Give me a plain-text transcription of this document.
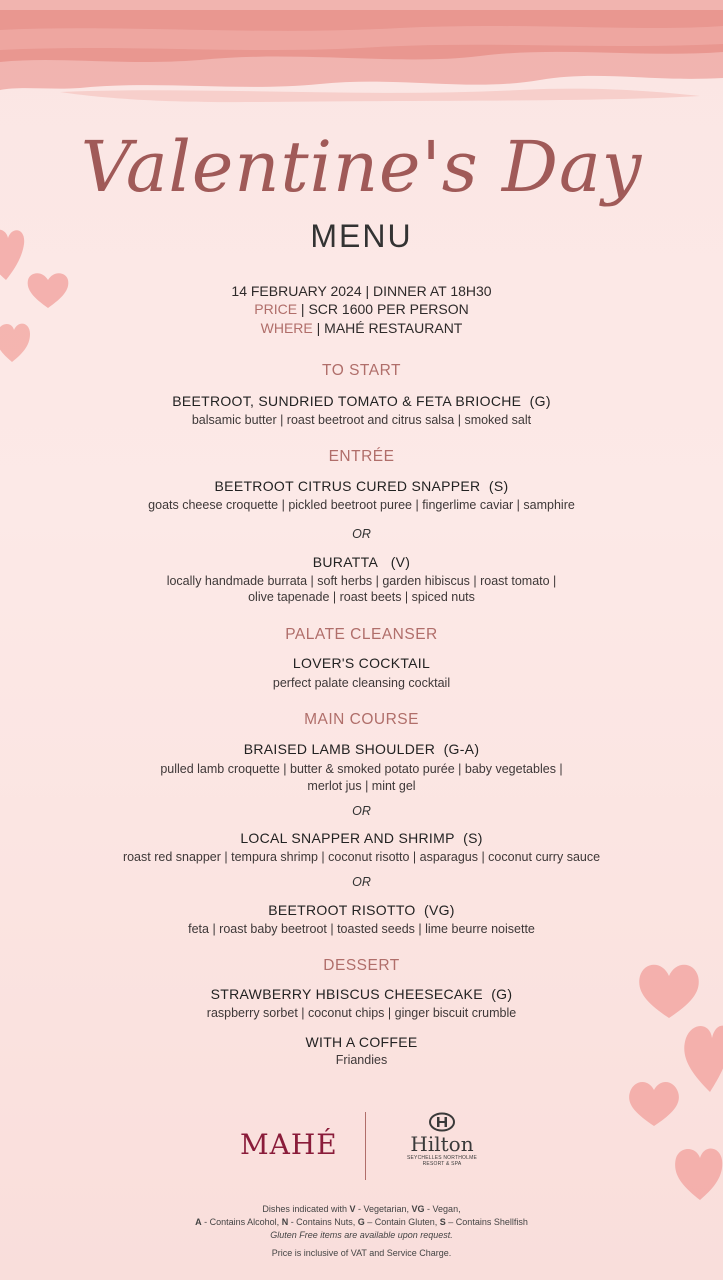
Valentine's Day
MENU
14 FEBRUARY 2024 | DINNER AT 18H30
PRICE | SCR 1600 PER PERSON
WHERE | MAHÉ RESTAURANT
TO START
BEETROOT, SUNDRIED TOMATO & FETA BRIOCHE (G)
balsamic butter | roast beetroot and citrus salsa | smoked salt
ENTRÉE
BEETROOT CITRUS CURED SNAPPER (S)
goats cheese croquette | pickled beetroot puree | fingerlime caviar | samphire
OR
BURATTA (V)
locally handmade burrata | soft herbs | garden hibiscus | roast tomato |
olive tapenade | roast beets | spiced nuts
PALATE CLEANSER
LOVER'S COCKTAIL
perfect palate cleansing cocktail
MAIN COURSE
BRAISED LAMB SHOULDER (G-A)
pulled lamb croquette | butter & smoked potato purée | baby vegetables |
merlot jus | mint gel
OR
LOCAL SNAPPER AND SHRIMP (S)
roast red snapper | tempura shrimp | coconut risotto | asparagus | coconut curry sauce
OR
BEETROOT RISOTTO (VG)
feta | roast baby beetroot | toasted seeds | lime beurre noisette
DESSERT
STRAWBERRY HBISCUS CHEESECAKE (G)
raspberry sorbet | coconut chips | ginger biscuit crumble
WITH A COFFEE
Friandies
MAHÉ	Hilton
SEYCHELLES NORTHOLME
RESORT & SPA
Dishes indicated with V - Vegetarian, VG - Vegan,
A - Contains Alcohol, N - Contains Nuts, G – Contain Gluten, S – Contains Shellfish
Gluten Free items are available upon request.
Price is inclusive of VAT and Service Charge.
